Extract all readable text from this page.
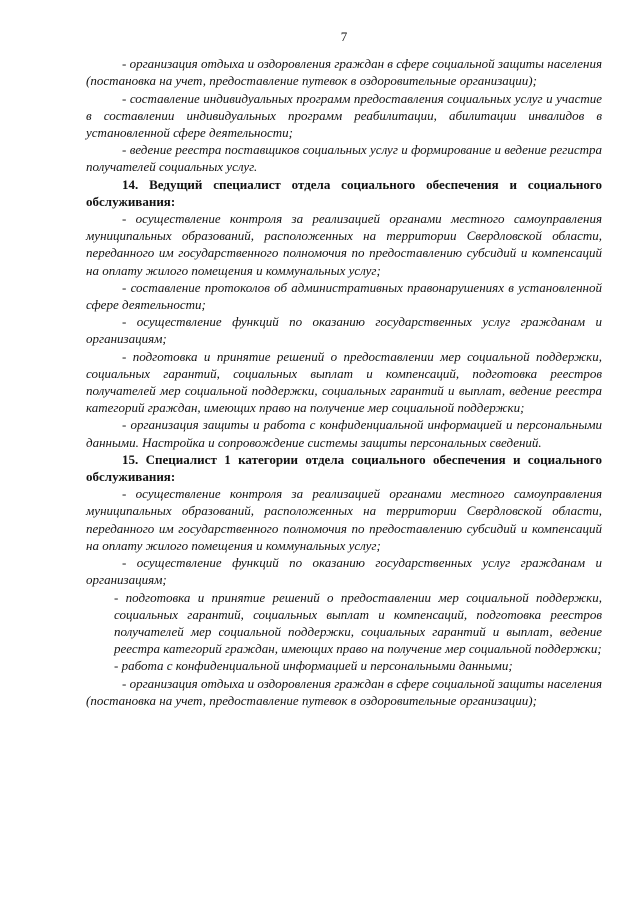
7

- организация отдыха и оздоровления граждан в сфере социальной защиты населения (постановка на учет, предоставление путевок в оздоровительные организации);

- составление индивидуальных программ предоставления социальных услуг и участие в составлении индивидуальных программ реабилитации, абилитации инвалидов в установленной сфере деятельности;

- ведение реестра поставщиков социальных услуг и формирование и ведение регистра получателей социальных услуг.

14. Ведущий специалист отдела социального обеспечения и социального обслуживания:

- осуществление контроля за реализацией органами местного самоуправления муниципальных образований, расположенных на территории Свердловской области, переданного им государственного полномочия по предоставлению субсидий и компенсаций на оплату жилого помещения и коммунальных услуг;

- составление протоколов об административных правонарушениях в установленной сфере деятельности;

- осуществление функций по оказанию государственных услуг гражданам и организациям;

- подготовка и принятие решений о предоставлении мер социальной поддержки, социальных гарантий, социальных выплат и компенсаций, подготовка реестров получателей мер социальной поддержки, социальных гарантий и выплат, ведение реестра категорий граждан, имеющих право на получение мер социальной поддержки;

- организация защиты и работа с конфиденциальной информацией и персональными данными. Настройка и сопровождение системы защиты персональных сведений.

15. Специалист 1 категории отдела социального обеспечения и социального обслуживания:

- осуществление контроля за реализацией органами местного самоуправления муниципальных образований, расположенных на территории Свердловской области, переданного им государственного полномочия по предоставлению субсидий и компенсаций на оплату жилого помещения и коммунальных услуг;

- осуществление функций по оказанию государственных услуг гражданам и организациям;

- подготовка и принятие решений о предоставлении мер социальной поддержки, социальных гарантий, социальных выплат и компенсаций, подготовка реестров получателей мер социальной поддержки, социальных гарантий и выплат, ведение реестра категорий граждан, имеющих право на получение мер социальной поддержки;

- работа с конфиденциальной информацией и персональными данными;

- организация отдыха и оздоровления граждан в сфере социальной защиты населения (постановка на учет, предоставление путевок в оздоровительные организации);
